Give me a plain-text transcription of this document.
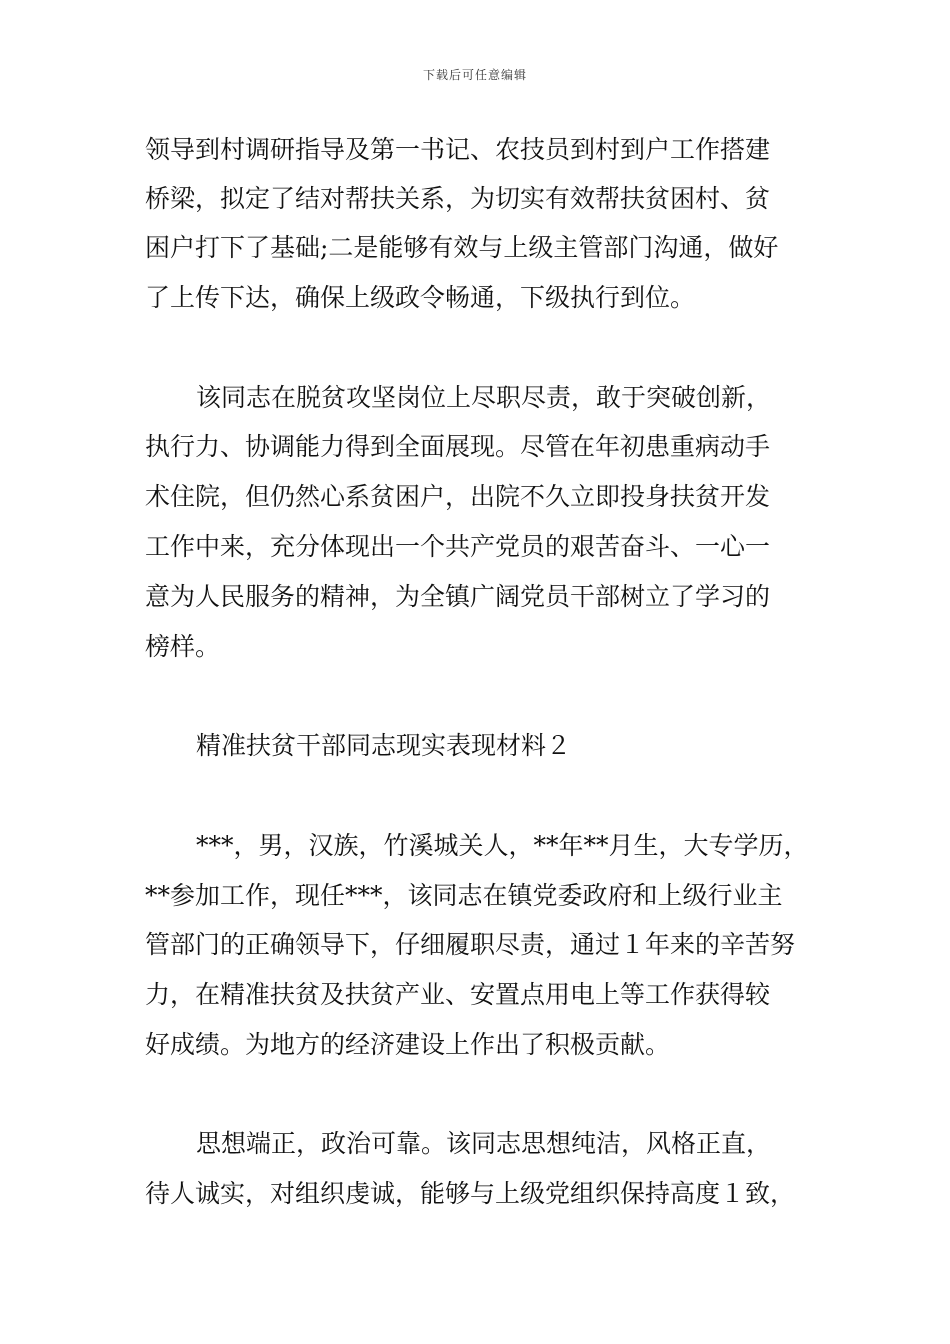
下载后可任意编辑
领导到村调研指导及第一书记、农技员到村到户工作搭建
桥梁，拟定了结对帮扶关系，为切实有效帮扶贫困村、贫
困户打下了基础;二是能够有效与上级主管部门沟通，做好
了上传下达，确保上级政令畅通，下级执行到位。
该同志在脱贫攻坚岗位上尽职尽责，敢于突破创新，
执行力、协调能力得到全面展现。尽管在年初患重病动手
术住院，但仍然心系贫困户，出院不久立即投身扶贫开发
工作中来，充分体现出一个共产党员的艰苦奋斗、一心一
意为人民服务的精神，为全镇广阔党员干部树立了学习的
榜样。
精准扶贫干部同志现实表现材料２
***，男，汉族，竹溪城关人，**年**月生，大专学历，
**参加工作，现任***，该同志在镇党委政府和上级行业主
管部门的正确领导下，仔细履职尽责，通过１年来的辛苦努
力，在精准扶贫及扶贫产业、安置点用电上等工作获得较
好成绩。为地方的经济建设上作出了积极贡献。
思想端正，政治可靠。该同志思想纯洁，风格正直，
待人诚实，对组织虔诚，能够与上级党组织保持高度１致，
